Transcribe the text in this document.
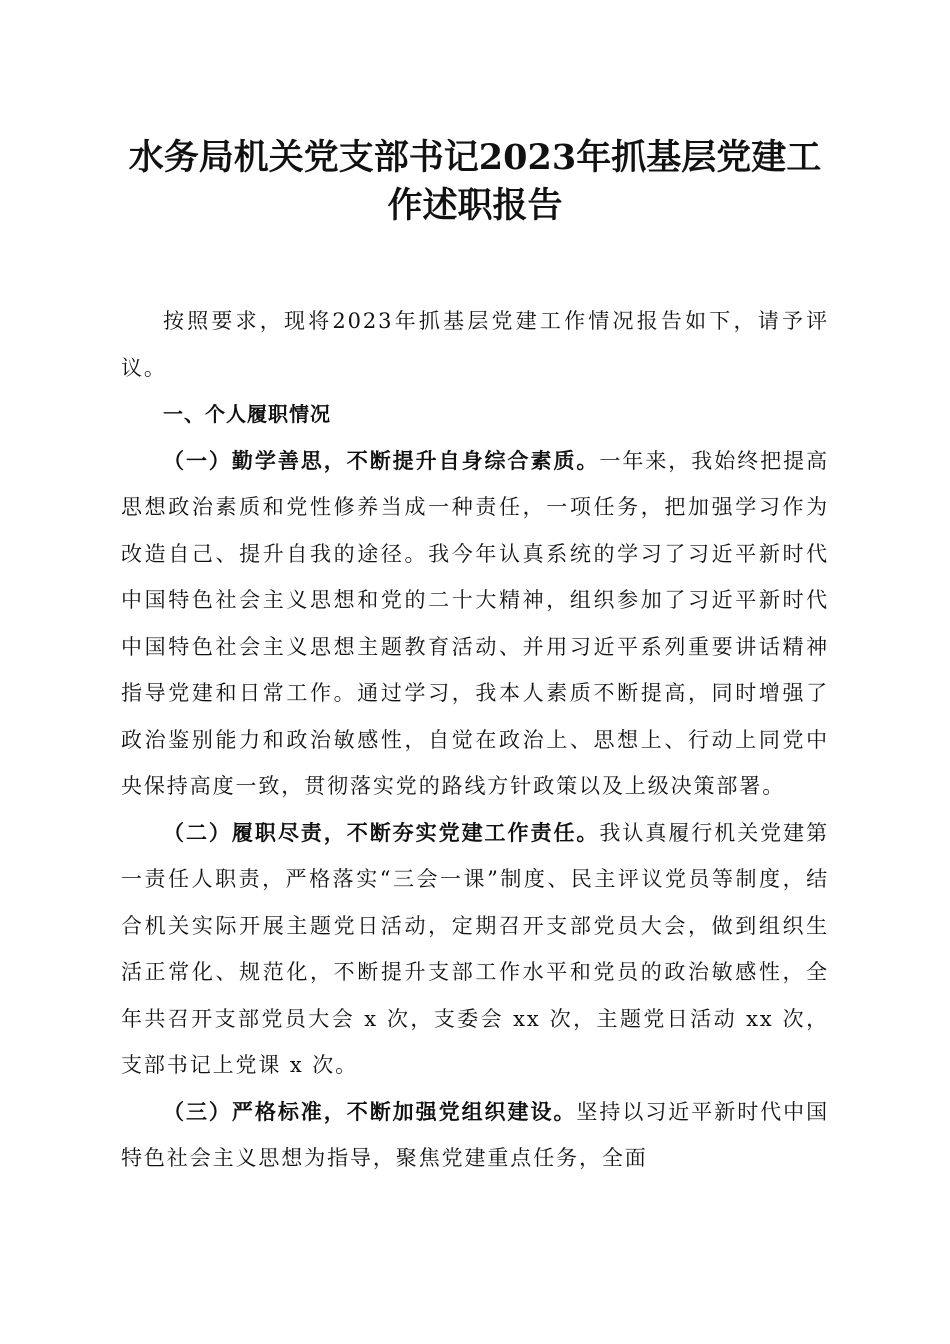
水务局机关党支部书记2023年抓基层党建工
作述职报告

按照要求，现将2023年抓基层党建工作情况报告如下，请予评议。

一、个人履职情况

（一）勤学善思，不断提升自身综合素质。一年来，我始终把提高思想政治素质和党性修养当成一种责任，一项任务，把加强学习作为改造自己、提升自我的途径。我今年认真系统的学习了习近平新时代中国特色社会主义思想和党的二十大精神，组织参加了习近平新时代中国特色社会主义思想主题教育活动、并用习近平系列重要讲话精神指导党建和日常工作。通过学习，我本人素质不断提高，同时增强了政治鉴别能力和政治敏感性，自觉在政治上、思想上、行动上同党中央保持高度一致，贯彻落实党的路线方针政策以及上级决策部署。

（二）履职尽责，不断夯实党建工作责任。我认真履行机关党建第一责任人职责，严格落实“三会一课”制度、民主评议党员等制度，结合机关实际开展主题党日活动，定期召开支部党员大会，做到组织生活正常化、规范化，不断提升支部工作水平和党员的政治敏感性，全年共召开支部党员大会 x 次，支委会 xx 次，主题党日活动 xx 次，支部书记上党课 x 次。

（三）严格标准，不断加强党组织建设。坚持以习近平新时代中国特色社会主义思想为指导，聚焦党建重点任务，全面
